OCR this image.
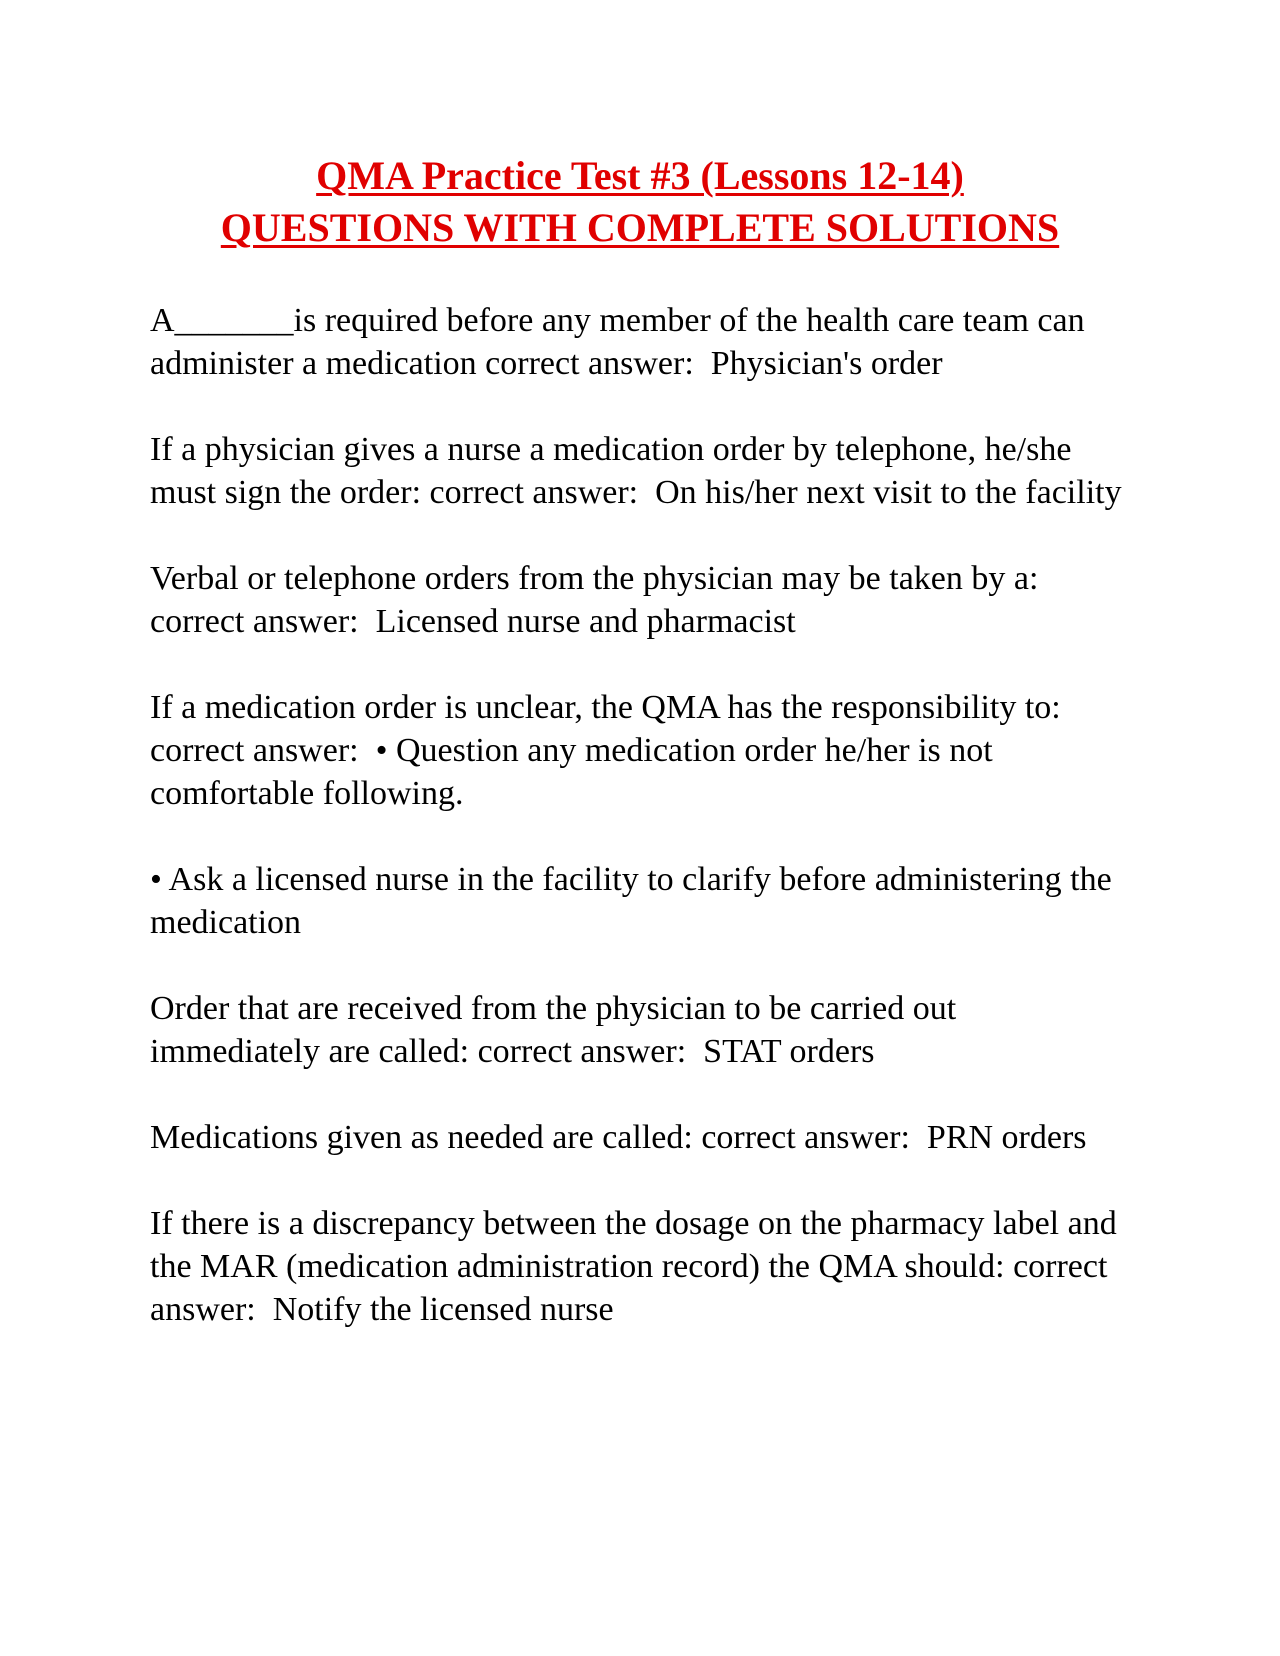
QMA Practice Test #3 (Lessons 12-14)
QUESTIONS WITH COMPLETE SOLUTIONS

A_______is required before any member of the health care team can administer a medication correct answer:  Physician's order

If a physician gives a nurse a medication order by telephone, he/she must sign the order: correct answer:  On his/her next visit to the facility

Verbal or telephone orders from the physician may be taken by a: correct answer:  Licensed nurse and pharmacist

If a medication order is unclear, the QMA has the responsibility to: correct answer:  • Question any medication order he/her is not comfortable following.

• Ask a licensed nurse in the facility to clarify before administering the medication

Order that are received from the physician to be carried out immediately are called: correct answer:  STAT orders

Medications given as needed are called: correct answer:  PRN orders

If there is a discrepancy between the dosage on the pharmacy label and the MAR (medication administration record) the QMA should: correct answer:  Notify the licensed nurse
